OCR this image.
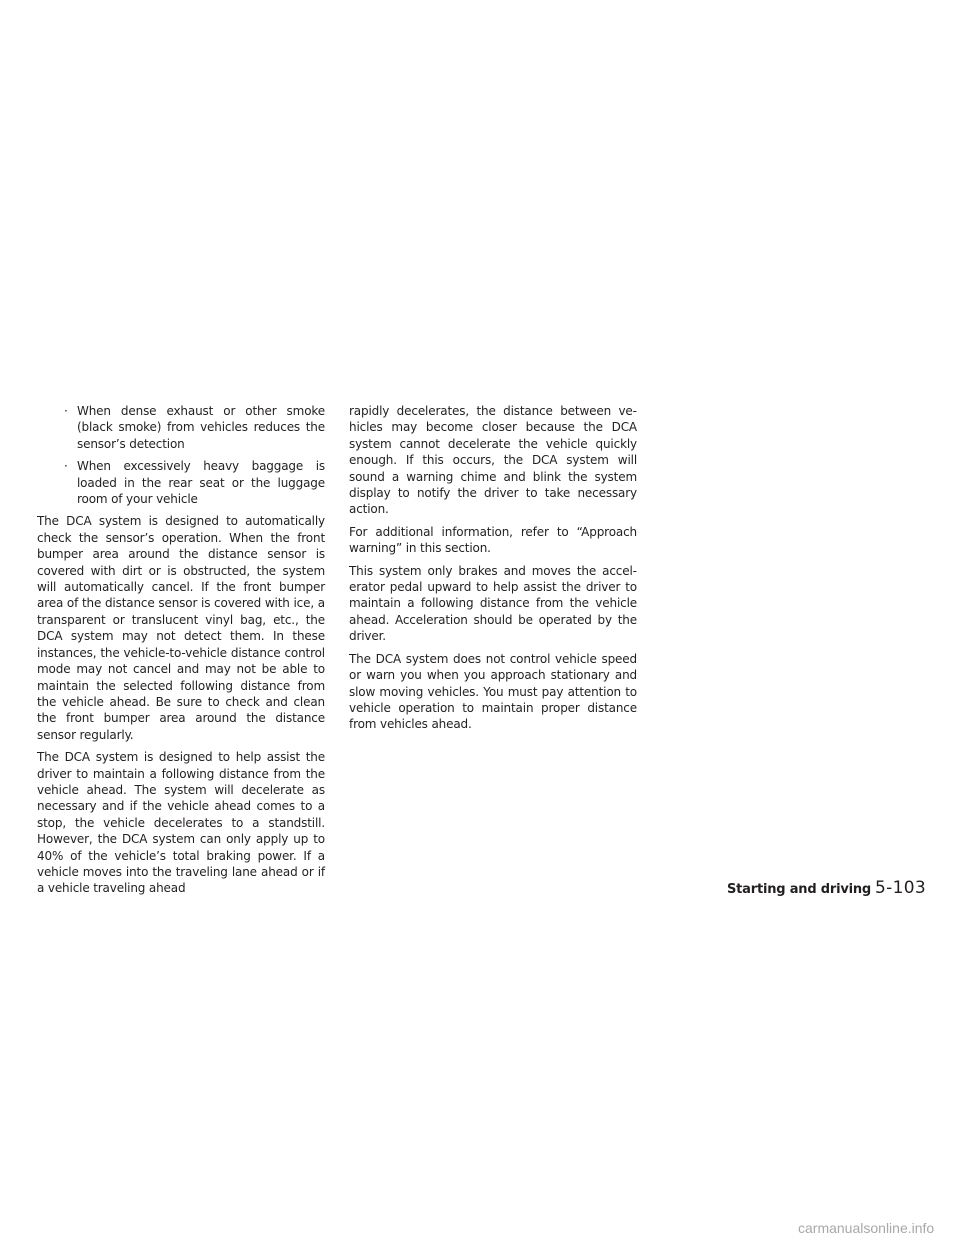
· When dense exhaust or other smoke (black smoke) from vehicles reduces the sensor’s detection
· When excessively heavy baggage is loaded in the rear seat or the luggage room of your vehicle

The DCA system is designed to automatically check the sensor’s operation. When the front bumper area around the distance sensor is covered with dirt or is obstructed, the system will automatically cancel. If the front bumper area of the distance sensor is covered with ice, a transparent or translucent vinyl bag, etc., the DCA system may not detect them. In these instances, the vehicle-to-vehicle distance control mode may not cancel and may not be able to maintain the selected following distance from the vehicle ahead. Be sure to check and clean the front bumper area around the distance sensor regularly.

The DCA system is designed to help assist the driver to maintain a following distance from the vehicle ahead. The system will decelerate as necessary and if the vehicle ahead comes to a stop, the vehicle decelerates to a standstill. However, the DCA system can only apply up to 40% of the vehicle’s total braking power. If a vehicle moves into the traveling lane ahead or if a vehicle traveling ahead

rapidly decelerates, the distance between vehicles may become closer because the DCA system cannot decelerate the vehicle quickly enough. If this occurs, the DCA system will sound a warning chime and blink the system display to notify the driver to take necessary action.

For additional information, refer to “Approach warning” in this section.

This system only brakes and moves the accelerator pedal upward to help assist the driver to maintain a following distance from the vehicle ahead. Acceleration should be operated by the driver.

The DCA system does not control vehicle speed or warn you when you approach stationary and slow moving vehicles. You must pay attention to vehicle operation to maintain proper distance from vehicles ahead.

Starting and driving 5-103
carmanualsonline.info
